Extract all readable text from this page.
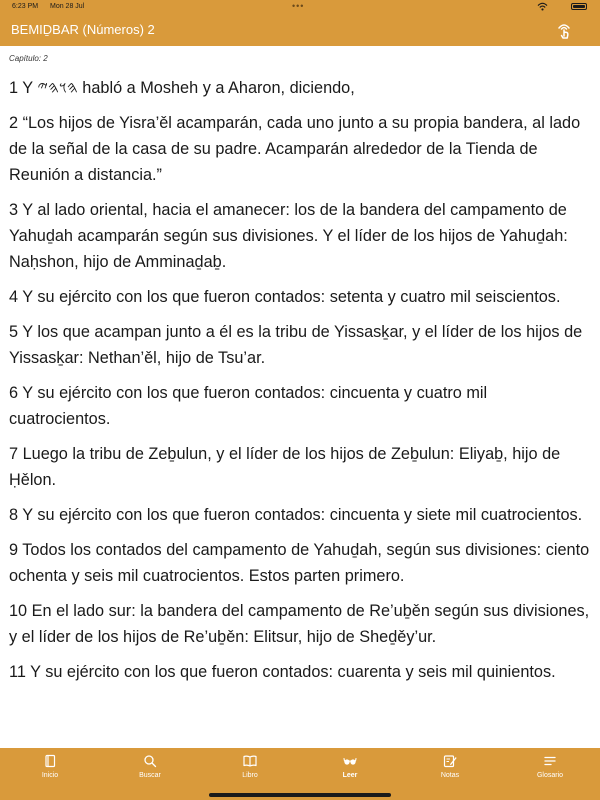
6:23 PM Mon 28 Jul	•••
BEMIḎBAR (Números) 2
Capítulo: 2

1 Y 𐤄𐤅𐤄𐤉 habló a Mosheh y a Aharon, diciendo,

2 “Los hijos de Yisra’ěl acamparán, cada uno junto a su propia bandera, al lado de la señal de la casa de su padre. Acamparán alrededor de la Tienda de Reunión a distancia.”

3 Y al lado oriental, hacia el amanecer: los de la bandera del campamento de Yahuḏah acamparán según sus divisiones. Y el líder de los hijos de Yahuḏah: Naḥshon, hijo de Amminaḏaḇ.

4 Y su ejército con los que fueron contados: setenta y cuatro mil seiscientos.

5 Y los que acampan junto a él es la tribu de Yissasḵar, y el líder de los hijos de Yissasḵar: Nethan’ěl, hijo de Tsu’ar.

6 Y su ejército con los que fueron contados: cincuenta y cuatro mil cuatrocientos.

7 Luego la tribu de Zeḇulun, y el líder de los hijos de Zeḇulun: Eliyaḇ, hijo de Ḥělon.

8 Y su ejército con los que fueron contados: cincuenta y siete mil cuatrocientos.

9 Todos los contados del campamento de Yahuḏah, según sus divisiones: ciento ochenta y seis mil cuatrocientos. Estos parten primero.

10 En el lado sur: la bandera del campamento de Re’uḇěn según sus divisiones, y el líder de los hijos de Re’uḇěn: Elitsur, hijo de Sheḏěy’ur.

11 Y su ejército con los que fueron contados: cuarenta y seis mil quinientos.

Inicio	Buscar	Libro	Leer	Notas	Glosario
